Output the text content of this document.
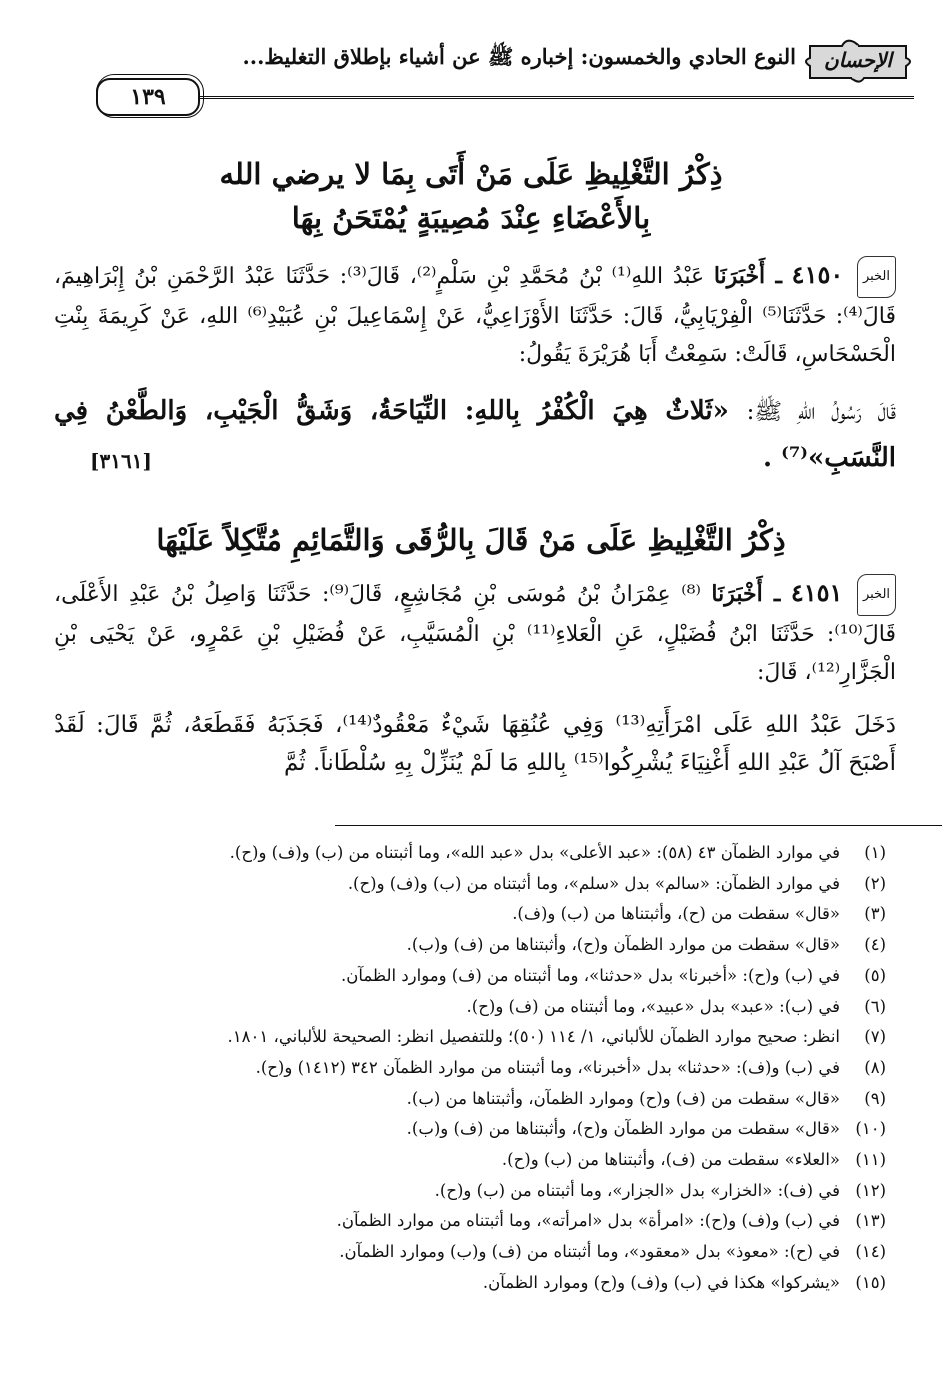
الإحسان
النوع الحادي والخمسون: إخباره ﷺ عن أشياء بإطلاق التغليظ...
١٣٩
ذِكْرُ التَّغْلِيظِ عَلَى مَنْ أَتَى بِمَا لا يرضي الله
بِالأَعْضَاءِ عِنْدَ مُصِيبَةٍ يُمْتَحَنُ بِهَا
الخبر ٤١٥٠ ـ أَخْبَرَنَا عَبْدُ اللهِ⁽¹⁾ بْنُ مُحَمَّدِ بْنِ سَلْمٍ⁽²⁾، قَالَ⁽³⁾: حَدَّثَنَا عَبْدُ الرَّحْمَنِ بْنُ إِبْرَاهِيمَ، قَالَ⁽⁴⁾: حَدَّثَنَا⁽⁵⁾ الْفِرْيَابِيُّ، قَالَ: حَدَّثَنَا الأَوْزَاعِيُّ، عَنْ إِسْمَاعِيلَ بْنِ عُبَيْدِ⁽⁶⁾ اللهِ، عَنْ كَرِيمَةَ بِنْتِ الْحَسْحَاسِ، قَالَتْ: سَمِعْتُ أَبَا هُرَيْرَةَ يَقُولُ:
قَالَ رَسُولُ اللهِ ﷺ: «ثَلاثٌ هِيَ الْكُفْرُ بِاللهِ: النِّيَاحَةُ، وَشَقُّ الْجَيْبِ، وَالطَّعْنُ فِي النَّسَبِ»⁽⁷⁾ .
[٣١٦١]
ذِكْرُ التَّغْلِيظِ عَلَى مَنْ قَالَ بِالرُّقَى وَالتَّمَائِمِ مُتَّكِلاً عَلَيْهَا
الخبر ٤١٥١ ـ أَخْبَرَنَا ⁽⁸⁾ عِمْرَانُ بْنُ مُوسَى بْنِ مُجَاشِعٍ، قَالَ⁽⁹⁾: حَدَّثَنَا وَاصِلُ بْنُ عَبْدِ الأَعْلَى، قَالَ⁽¹⁰⁾: حَدَّثَنَا ابْنُ فُضَيْلٍ، عَنِ الْعَلاءِ⁽¹¹⁾ بْنِ الْمُسَيَّبِ، عَنْ فُضَيْلِ بْنِ عَمْرٍو، عَنْ يَحْيَى بْنِ الْجَزَّارِ⁽¹²⁾، قَالَ:
دَخَلَ عَبْدُ اللهِ عَلَى امْرَأَتِهِ⁽¹³⁾ وَفِي عُنُقِهَا شَيْءٌ مَعْقُودٌ⁽¹⁴⁾، فَجَذَبَهُ فَقَطَعَهُ، ثُمَّ قَالَ: لَقَدْ أَصْبَحَ آلُ عَبْدِ اللهِ أَغْنِيَاءَ يُشْرِكُوا⁽¹⁵⁾ بِاللهِ مَا لَمْ يُنَزِّلْ بِهِ سُلْطَاناً. ثُمَّ
(١)في موارد الظمآن ٤٣ (٥٨): «عبد الأعلى» بدل «عبد الله»، وما أثبتناه من (ب) و(ف) و(ح).
(٢)في موارد الظمآن: «سالم» بدل «سلم»، وما أثبتناه من (ب) و(ف) و(ح).
(٣)«قال» سقطت من (ح)، وأثبتناها من (ب) و(ف).
(٤)«قال» سقطت من موارد الظمآن و(ح)، وأثبتناها من (ف) و(ب).
(٥)في (ب) و(ح): «أخبرنا» بدل «حدثنا»، وما أثبتناه من (ف) وموارد الظمآن.
(٦)في (ب): «عبد» بدل «عبيد»، وما أثبتناه من (ف) و(ح).
(٧)انظر: صحيح موارد الظمآن للألباني، ١/ ١١٤ (٥٠)؛ وللتفصيل انظر: الصحيحة للألباني، ١٨٠١.
(٨)في (ب) و(ف): «حدثنا» بدل «أخبرنا»، وما أثبتناه من موارد الظمآن ٣٤٢ (١٤١٢) و(ح).
(٩)«قال» سقطت من (ف) و(ح) وموارد الظمآن، وأثبتناها من (ب).
(١٠)«قال» سقطت من موارد الظمآن و(ح)، وأثبتناها من (ف) و(ب).
(١١)«العلاء» سقطت من (ف)، وأثبتناها من (ب) و(ح).
(١٢)في (ف): «الخزار» بدل «الجزار»، وما أثبتناه من (ب) و(ح).
(١٣)في (ب) و(ف) و(ح): «امرأة» بدل «امرأته»، وما أثبتناه من موارد الظمآن.
(١٤)في (ح): «معوذ» بدل «معقود»، وما أثبتناه من (ف) و(ب) وموارد الظمآن.
(١٥)«يشركوا» هكذا في (ب) و(ف) و(ح) وموارد الظمآن.
